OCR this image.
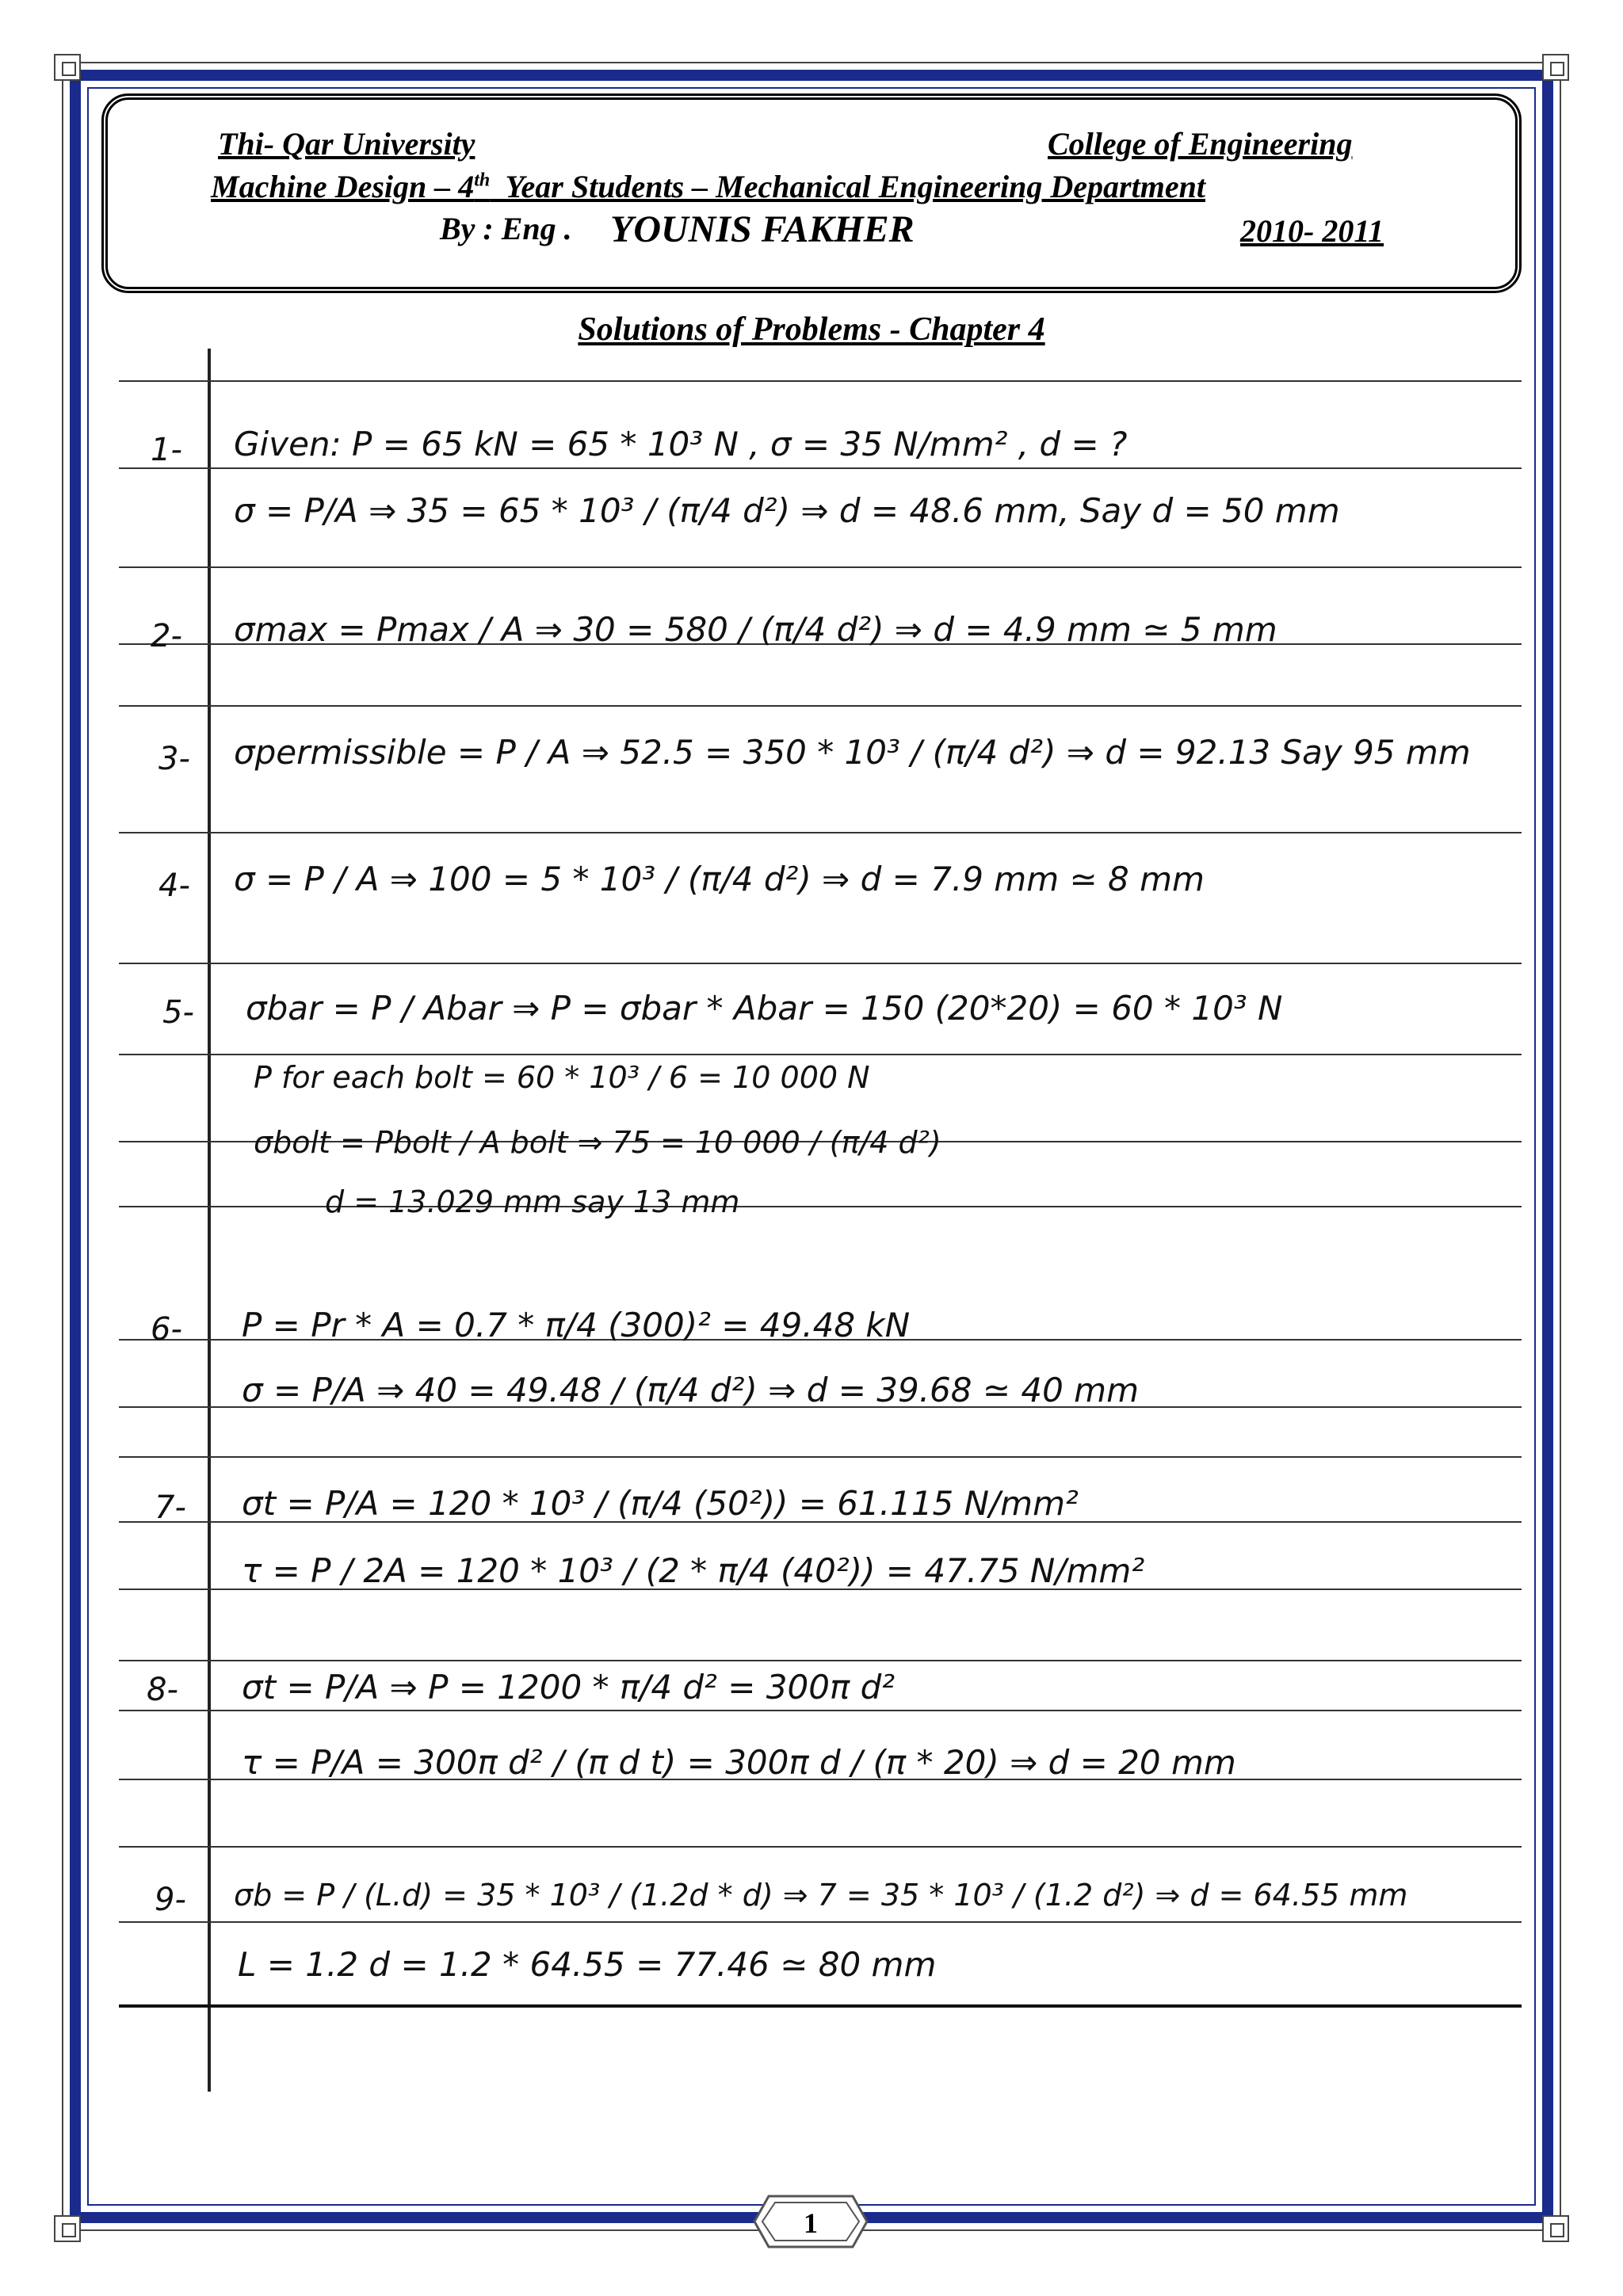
Thi- Qar University	College of Engineering
Machine Design – 4th  Year Students – Mechanical Engineering Department
By : Eng . YOUNIS FAKHER	2010- 2011
Solutions of Problems - Chapter 4
1- Given: P = 65 kN = 65 * 10³ N , σ = 35 N/mm² , d = ?
σ = P/A ⇒ 35 = 65 * 10³ / (π/4 d²) ⇒ d = 48.6 mm, Say d = 50 mm
2- σmax = Pmax / A ⇒ 30 = 580 / (π/4 d²) ⇒ d = 4.9 mm ≃ 5 mm
3- σpermissible = P / A ⇒ 52.5 = 350 * 10³ / (π/4 d²) ⇒ d = 92.13 Say 95 mm
4- σ = P / A ⇒ 100 = 5 * 10³ / (π/4 d²) ⇒ d = 7.9 mm ≃ 8 mm
5- σbar = P / Abar ⇒ P = σbar * Abar = 150 (20*20) = 60 * 10³ N
P for each bolt = 60 * 10³ / 6 = 10 000 N
σbolt = Pbolt / A bolt ⇒ 75 = 10 000 / (π/4 d²)
d = 13.029 mm say 13 mm
6- P = Pr * A = 0.7 * π/4 (300)² = 49.48 kN
σ = P/A ⇒ 40 = 49.48 / (π/4 d²) ⇒ d = 39.68 ≃ 40 mm
7- σt = P/A = 120 * 10³ / (π/4 (50²)) = 61.115 N/mm²
τ = P / 2A = 120 * 10³ / (2 * π/4 (40²)) = 47.75 N/mm²
8- σt = P/A ⇒ P = 1200 * π/4 d² = 300π d²
τ = P/A = 300π d² / (π d t) = 300π d / (π * 20) ⇒ d = 20 mm
9- σb = P / (L.d) = 35 * 10³ / (1.2d * d) ⇒ 7 = 35 * 10³ / (1.2 d²) ⇒ d = 64.55 mm
L = 1.2 d = 1.2 * 64.55 = 77.46 ≃ 80 mm
1
